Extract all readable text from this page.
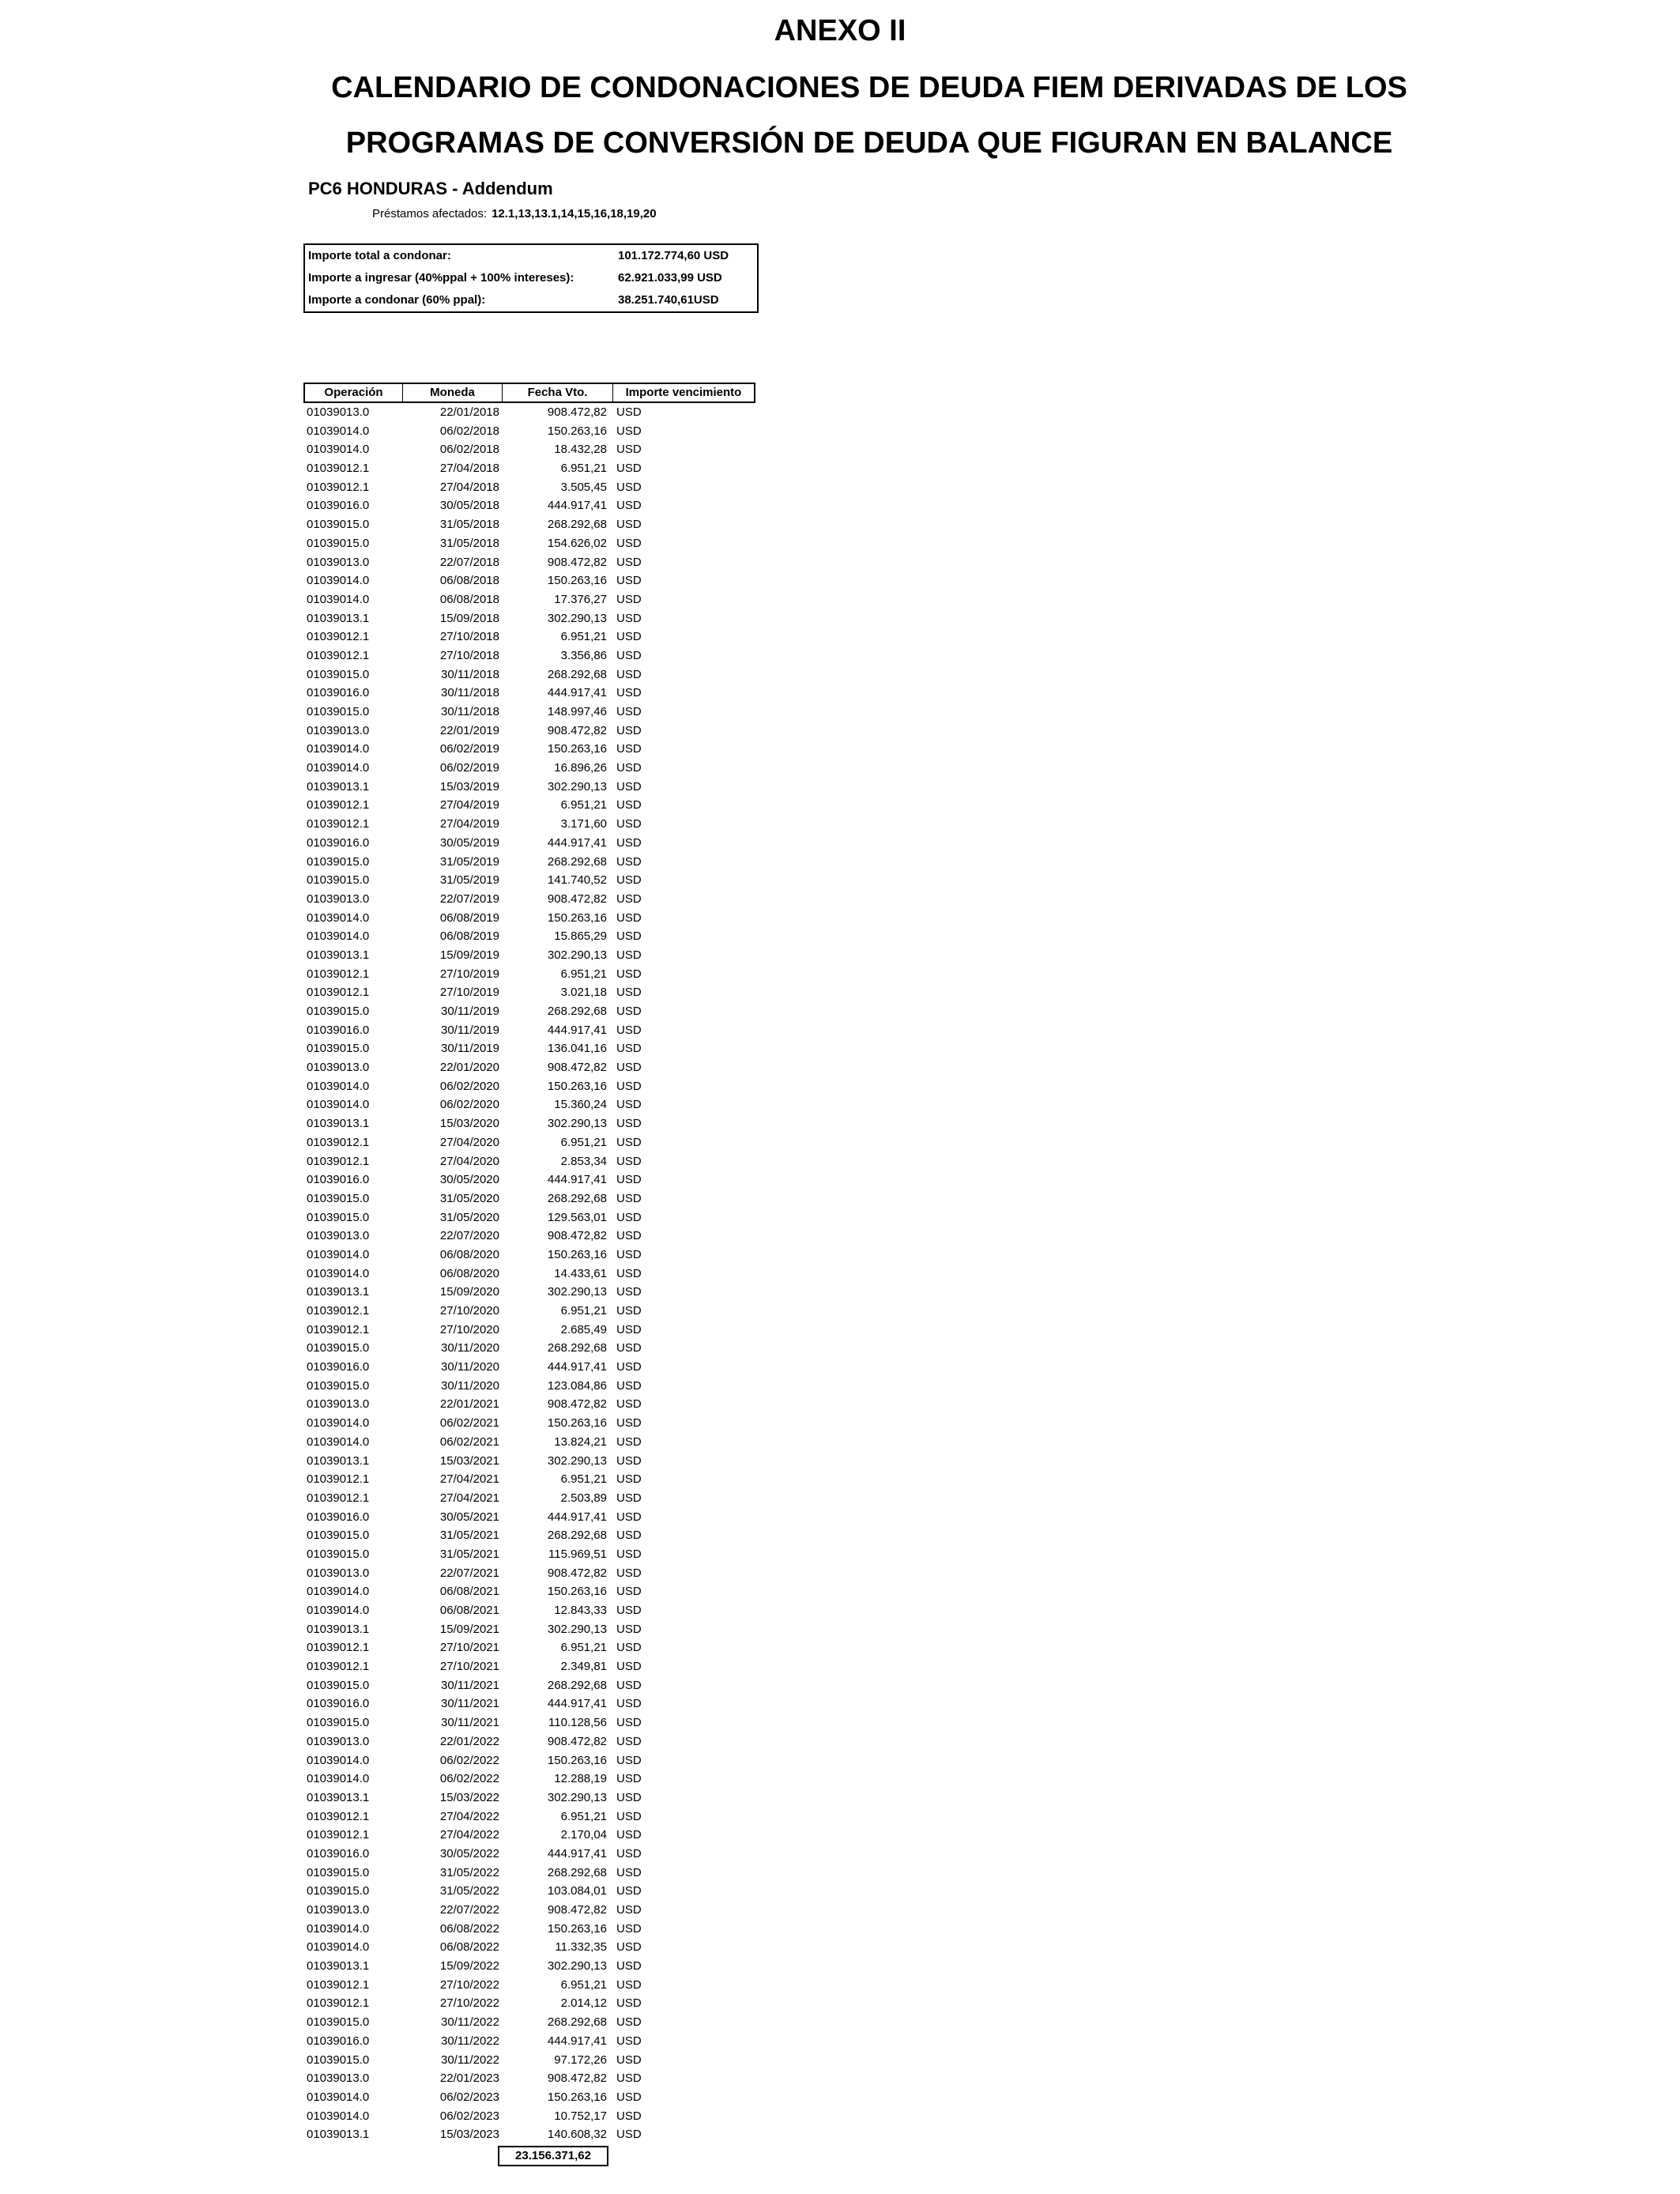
ANEXO II
CALENDARIO DE CONDONACIONES DE DEUDA FIEM DERIVADAS DE LOS
PROGRAMAS DE CONVERSIÓN DE DEUDA QUE FIGURAN EN BALANCE
PC6 HONDURAS - Addendum
Préstamos afectados: 12.1,13,13.1,14,15,16,18,19,20
Importe total a condonar:	101.172.774,60 USD
Importe a ingresar (40%ppal + 100% intereses):	62.921.033,99 USD
Importe a condonar (60% ppal):	38.251.740,61USD
Operación	Moneda	Fecha Vto.	Importe vencimiento
01039013.0	22/01/2018	908.472,82 USD
01039014.0	06/02/2018	150.263,16 USD
01039014.0	06/02/2018	18.432,28 USD
01039012.1	27/04/2018	6.951,21 USD
01039012.1	27/04/2018	3.505,45 USD
01039016.0	30/05/2018	444.917,41 USD
01039015.0	31/05/2018	268.292,68 USD
01039015.0	31/05/2018	154.626,02 USD
01039013.0	22/07/2018	908.472,82 USD
01039014.0	06/08/2018	150.263,16 USD
01039014.0	06/08/2018	17.376,27 USD
01039013.1	15/09/2018	302.290,13 USD
01039012.1	27/10/2018	6.951,21 USD
01039012.1	27/10/2018	3.356,86 USD
01039015.0	30/11/2018	268.292,68 USD
01039016.0	30/11/2018	444.917,41 USD
01039015.0	30/11/2018	148.997,46 USD
01039013.0	22/01/2019	908.472,82 USD
01039014.0	06/02/2019	150.263,16 USD
01039014.0	06/02/2019	16.896,26 USD
01039013.1	15/03/2019	302.290,13 USD
01039012.1	27/04/2019	6.951,21 USD
01039012.1	27/04/2019	3.171,60 USD
01039016.0	30/05/2019	444.917,41 USD
01039015.0	31/05/2019	268.292,68 USD
01039015.0	31/05/2019	141.740,52 USD
01039013.0	22/07/2019	908.472,82 USD
01039014.0	06/08/2019	150.263,16 USD
01039014.0	06/08/2019	15.865,29 USD
01039013.1	15/09/2019	302.290,13 USD
01039012.1	27/10/2019	6.951,21 USD
01039012.1	27/10/2019	3.021,18 USD
01039015.0	30/11/2019	268.292,68 USD
01039016.0	30/11/2019	444.917,41 USD
01039015.0	30/11/2019	136.041,16 USD
01039013.0	22/01/2020	908.472,82 USD
01039014.0	06/02/2020	150.263,16 USD
01039014.0	06/02/2020	15.360,24 USD
01039013.1	15/03/2020	302.290,13 USD
01039012.1	27/04/2020	6.951,21 USD
01039012.1	27/04/2020	2.853,34 USD
01039016.0	30/05/2020	444.917,41 USD
01039015.0	31/05/2020	268.292,68 USD
01039015.0	31/05/2020	129.563,01 USD
01039013.0	22/07/2020	908.472,82 USD
01039014.0	06/08/2020	150.263,16 USD
01039014.0	06/08/2020	14.433,61 USD
01039013.1	15/09/2020	302.290,13 USD
01039012.1	27/10/2020	6.951,21 USD
01039012.1	27/10/2020	2.685,49 USD
01039015.0	30/11/2020	268.292,68 USD
01039016.0	30/11/2020	444.917,41 USD
01039015.0	30/11/2020	123.084,86 USD
01039013.0	22/01/2021	908.472,82 USD
01039014.0	06/02/2021	150.263,16 USD
01039014.0	06/02/2021	13.824,21 USD
01039013.1	15/03/2021	302.290,13 USD
01039012.1	27/04/2021	6.951,21 USD
01039012.1	27/04/2021	2.503,89 USD
01039016.0	30/05/2021	444.917,41 USD
01039015.0	31/05/2021	268.292,68 USD
01039015.0	31/05/2021	115.969,51 USD
01039013.0	22/07/2021	908.472,82 USD
01039014.0	06/08/2021	150.263,16 USD
01039014.0	06/08/2021	12.843,33 USD
01039013.1	15/09/2021	302.290,13 USD
01039012.1	27/10/2021	6.951,21 USD
01039012.1	27/10/2021	2.349,81 USD
01039015.0	30/11/2021	268.292,68 USD
01039016.0	30/11/2021	444.917,41 USD
01039015.0	30/11/2021	110.128,56 USD
01039013.0	22/01/2022	908.472,82 USD
01039014.0	06/02/2022	150.263,16 USD
01039014.0	06/02/2022	12.288,19 USD
01039013.1	15/03/2022	302.290,13 USD
01039012.1	27/04/2022	6.951,21 USD
01039012.1	27/04/2022	2.170,04 USD
01039016.0	30/05/2022	444.917,41 USD
01039015.0	31/05/2022	268.292,68 USD
01039015.0	31/05/2022	103.084,01 USD
01039013.0	22/07/2022	908.472,82 USD
01039014.0	06/08/2022	150.263,16 USD
01039014.0	06/08/2022	11.332,35 USD
01039013.1	15/09/2022	302.290,13 USD
01039012.1	27/10/2022	6.951,21 USD
01039012.1	27/10/2022	2.014,12 USD
01039015.0	30/11/2022	268.292,68 USD
01039016.0	30/11/2022	444.917,41 USD
01039015.0	30/11/2022	97.172,26 USD
01039013.0	22/01/2023	908.472,82 USD
01039014.0	06/02/2023	150.263,16 USD
01039014.0	06/02/2023	10.752,17 USD
01039013.1	15/03/2023	140.608,32 USD
23.156.371,62
